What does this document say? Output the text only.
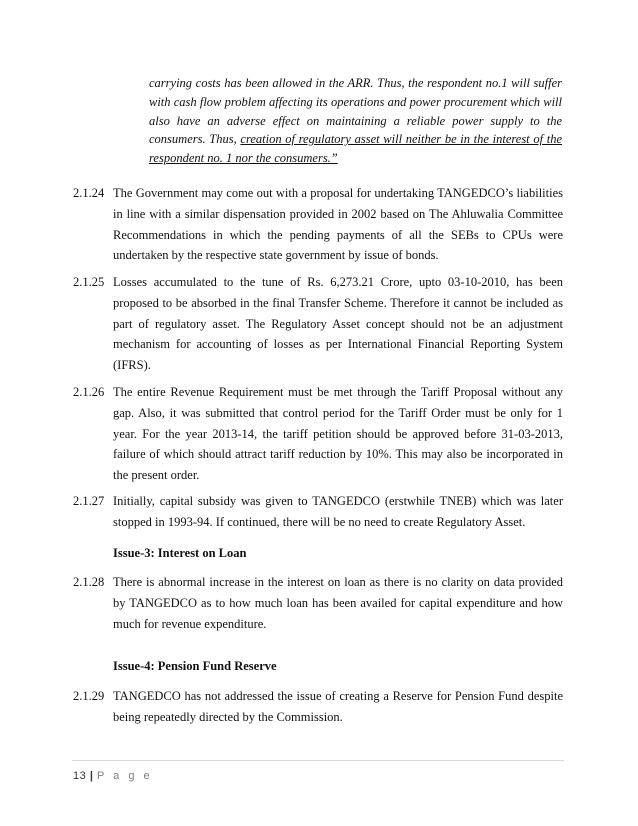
carrying costs has been allowed in the ARR. Thus, the respondent no.1 will suffer with cash flow problem affecting its operations and power procurement which will also have an adverse effect on maintaining a reliable power supply to the consumers. Thus, creation of regulatory asset will neither be in the interest of the respondent no. 1 nor the consumers.”

2.1.24 The Government may come out with a proposal for undertaking TANGEDCO’s liabilities in line with a similar dispensation provided in 2002 based on The Ahluwalia Committee Recommendations in which the pending payments of all the SEBs to CPUs were undertaken by the respective state government by issue of bonds.
2.1.25 Losses accumulated to the tune of Rs. 6,273.21 Crore, upto 03-10-2010, has been proposed to be absorbed in the final Transfer Scheme. Therefore it cannot be included as part of regulatory asset. The Regulatory Asset concept should not be an adjustment mechanism for accounting of losses as per International Financial Reporting System (IFRS).
2.1.26 The entire Revenue Requirement must be met through the Tariff Proposal without any gap. Also, it was submitted that control period for the Tariff Order must be only for 1 year. For the year 2013-14, the tariff petition should be approved before 31-03-2013, failure of which should attract tariff reduction by 10%. This may also be incorporated in the present order.
2.1.27 Initially, capital subsidy was given to TANGEDCO (erstwhile TNEB) which was later stopped in 1993-94. If continued, there will be no need to create Regulatory Asset.
Issue-3: Interest on Loan
2.1.28 There is abnormal increase in the interest on loan as there is no clarity on data provided by TANGEDCO as to how much loan has been availed for capital expenditure and how much for revenue expenditure.
Issue-4: Pension Fund Reserve
2.1.29 TANGEDCO has not addressed the issue of creating a Reserve for Pension Fund despite being repeatedly directed by the Commission.
13 | P a g e
